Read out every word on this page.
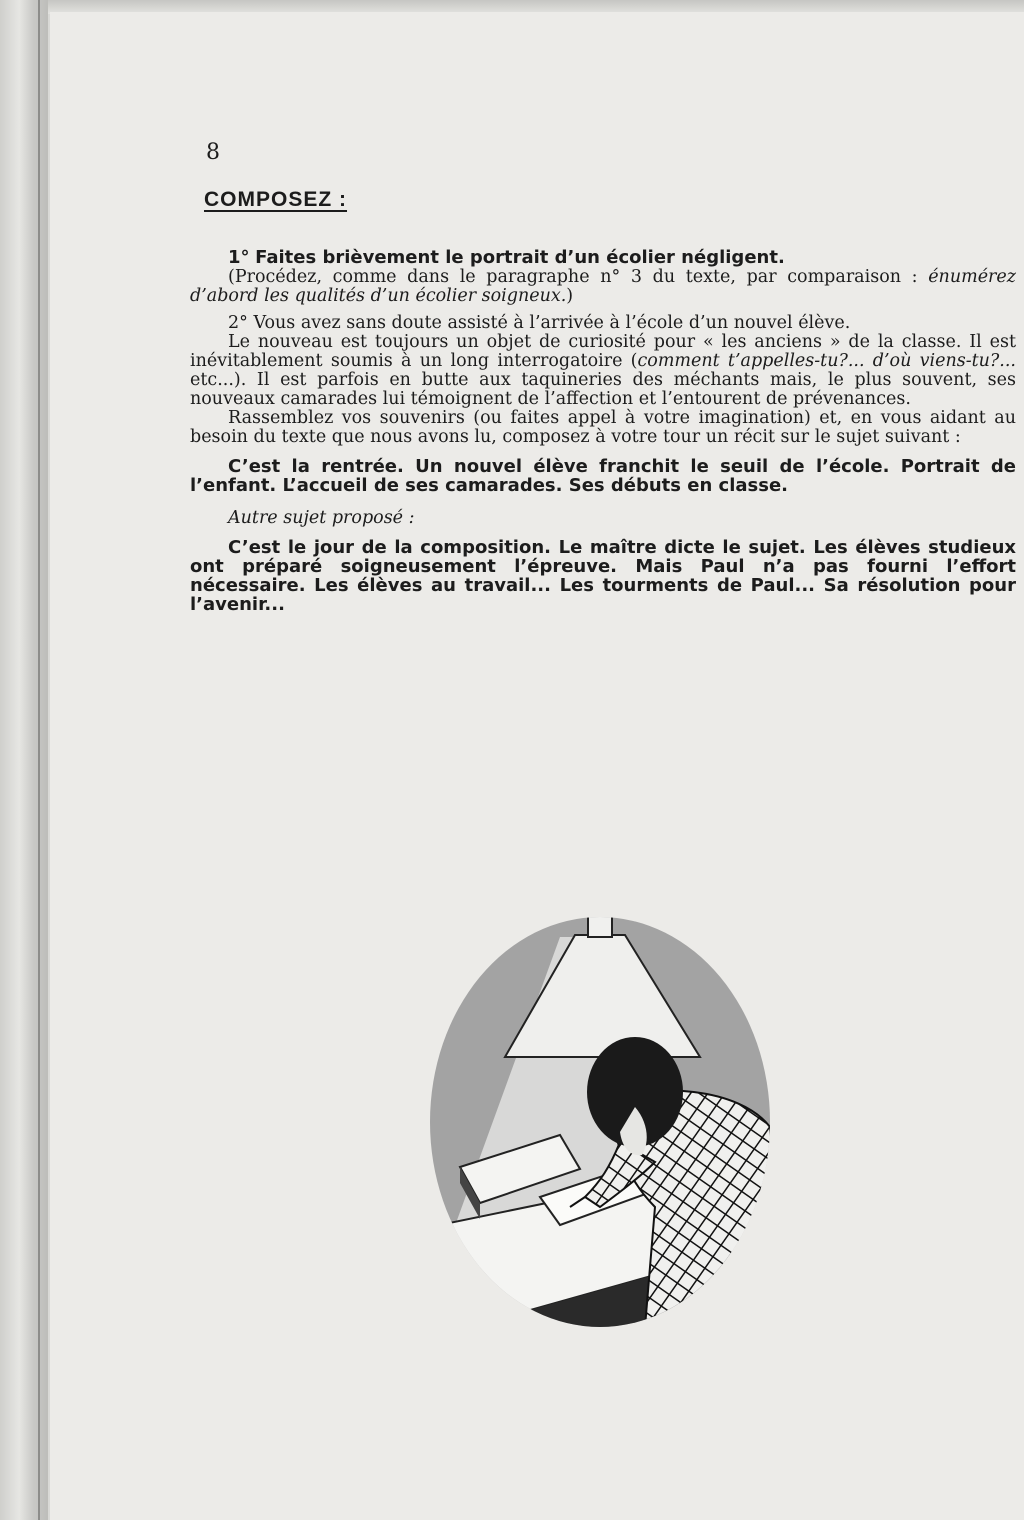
8
COMPOSEZ :

1° Faites brièvement le portrait d’un écolier négligent.

(Procédez, comme dans le paragraphe n° 3 du texte, par comparaison : énumérez d’abord les qualités d’un écolier soigneux.)

2° Vous avez sans doute assisté à l’arrivée à l’école d’un nouvel élève.

Le nouveau est toujours un objet de curiosité pour « les anciens » de la classe. Il est inévitablement soumis à un long interrogatoire (comment t’appelles-tu?... d’où viens-tu?... etc...). Il est parfois en butte aux taquineries des méchants mais, le plus souvent, ses nouveaux camarades lui témoignent de l’affection et l’entourent de prévenances.

Rassemblez vos souvenirs (ou faites appel à votre imagination) et, en vous aidant au besoin du texte que nous avons lu, composez à votre tour un récit sur le sujet suivant :

C’est la rentrée. Un nouvel élève franchit le seuil de l’école. Portrait de l’enfant. L’accueil de ses camarades. Ses débuts en classe.

Autre sujet proposé :

C’est le jour de la composition. Le maître dicte le sujet. Les élèves studieux ont préparé soigneusement l’épreuve. Mais Paul n’a pas fourni l’effort nécessaire. Les élèves au travail... Les tourments de Paul... Sa résolution pour l’avenir...
